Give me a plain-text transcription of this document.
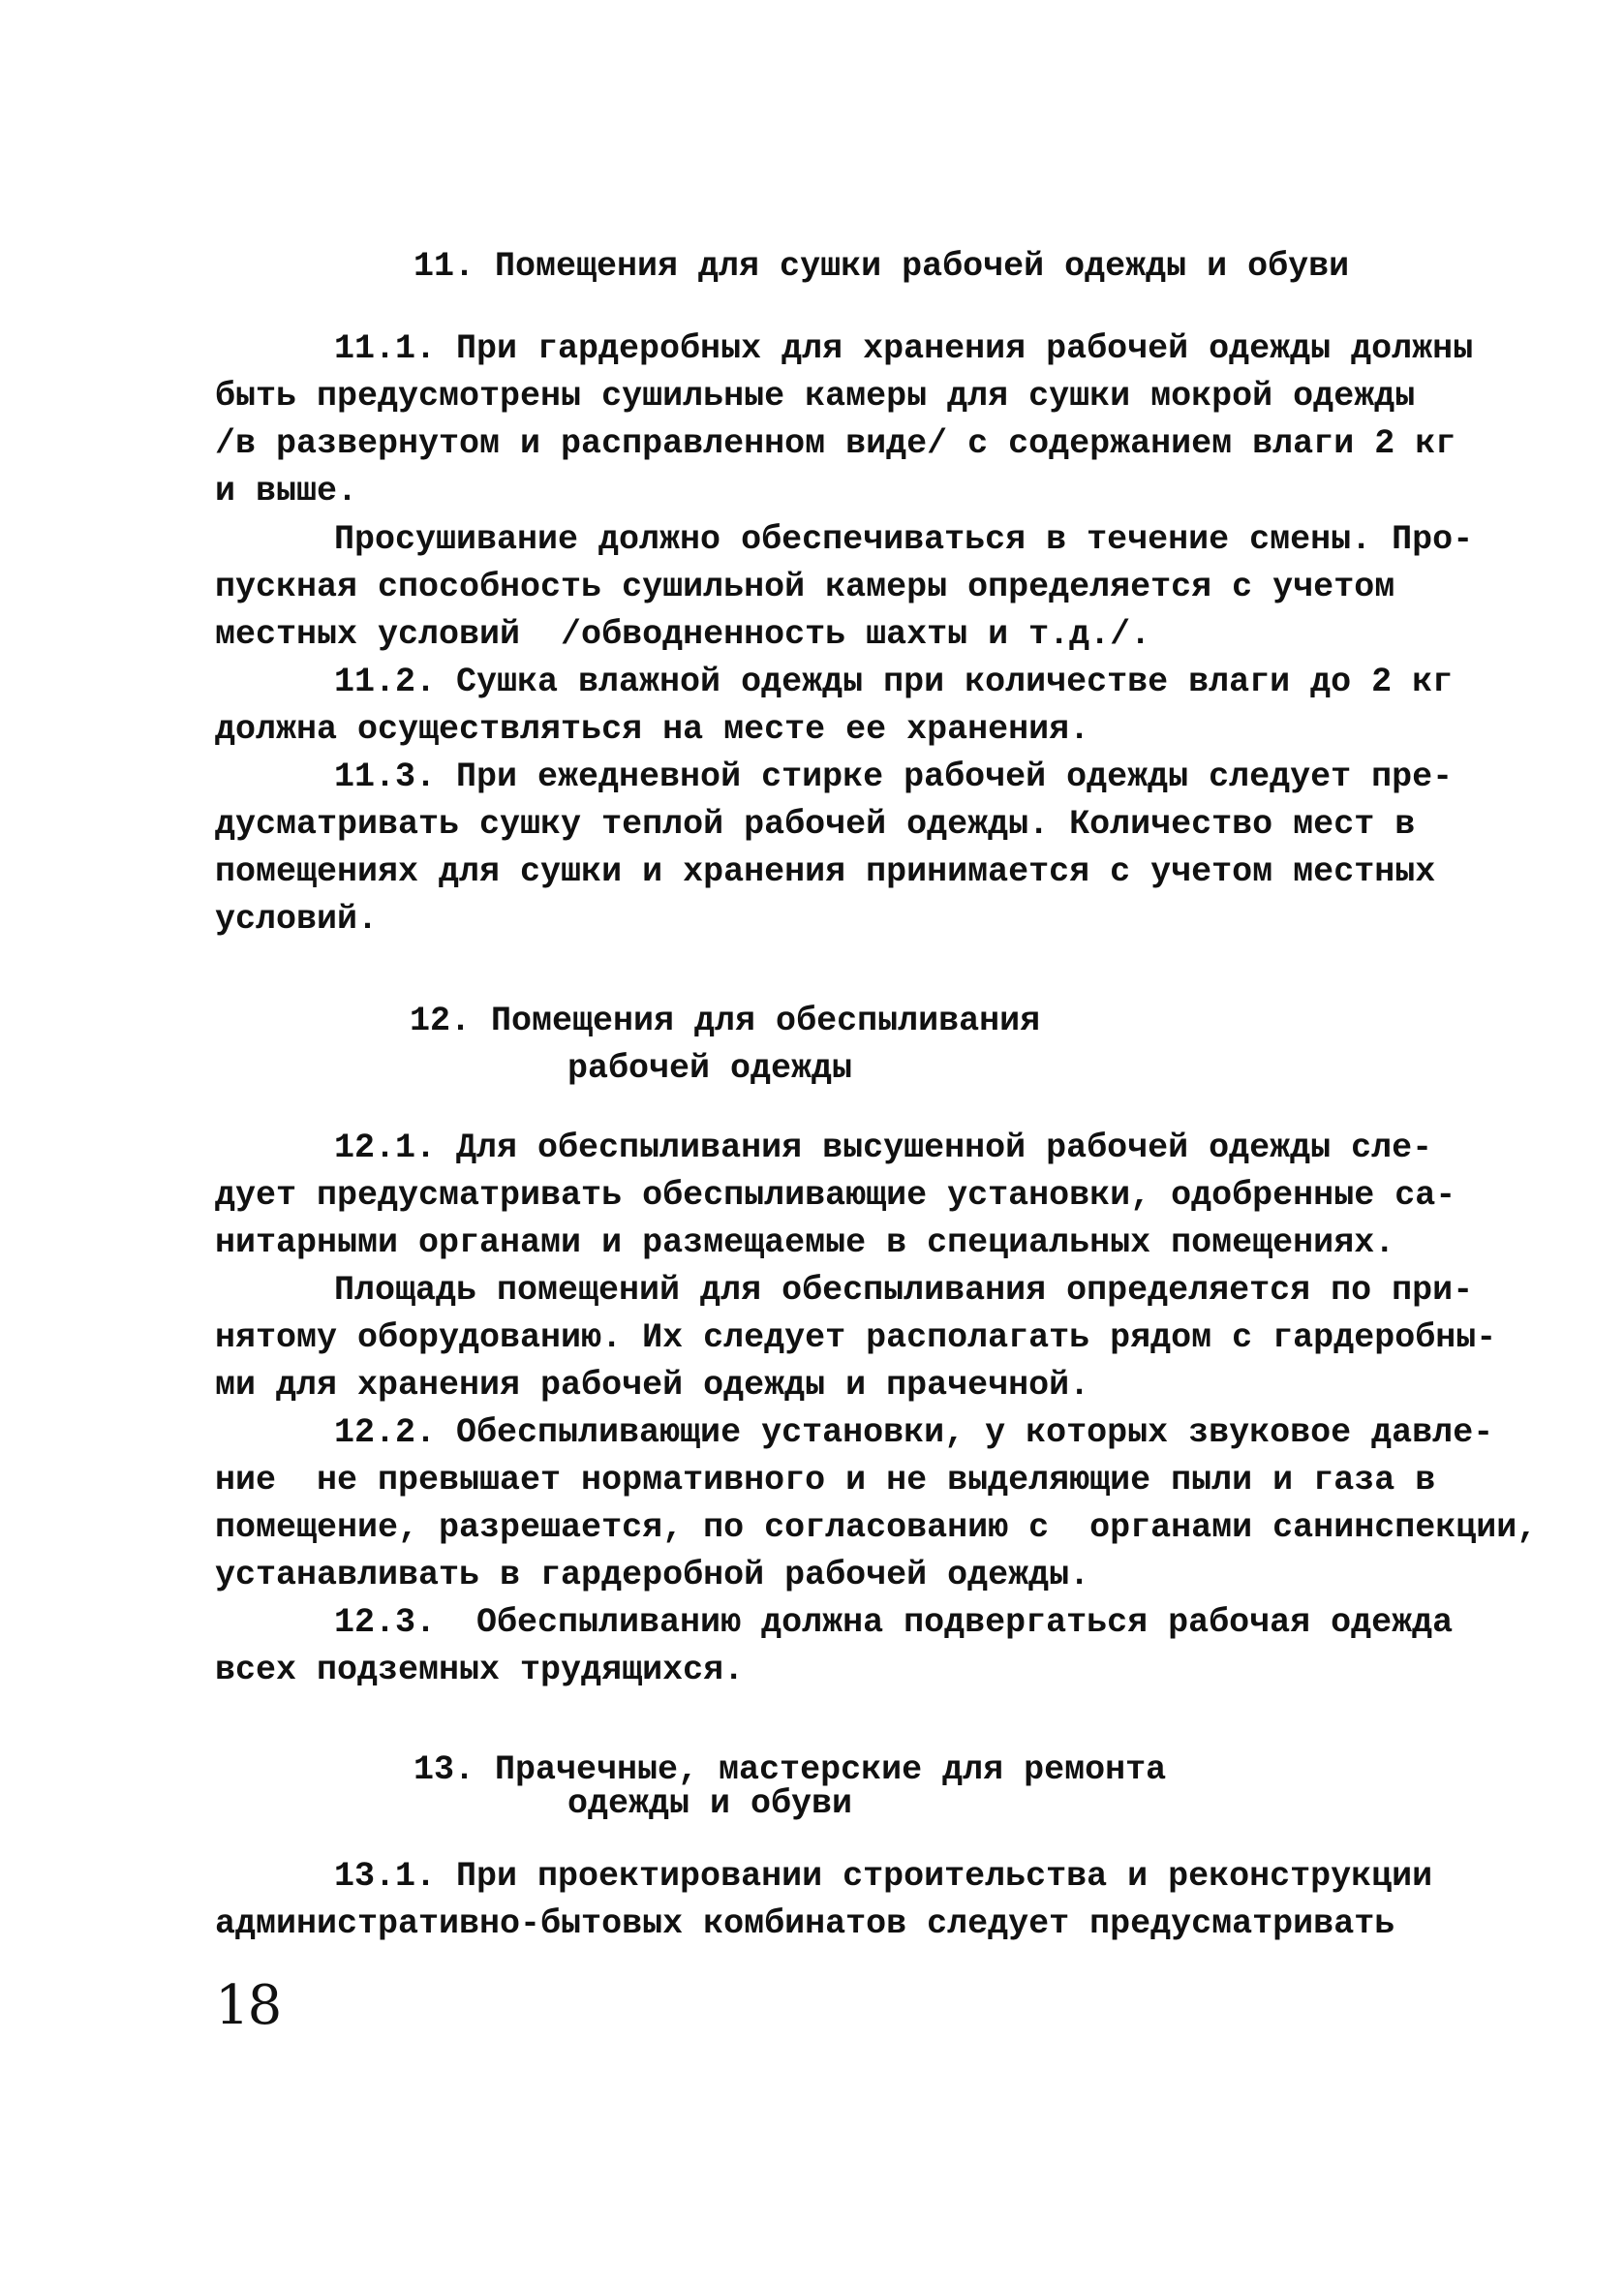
11. Помещения для сушки рабочей одежды и обуви
11.1. При гардеробных для хранения рабочей одежды должны
быть предусмотрены сушильные камеры для сушки мокрой одежды
/в развернутом и расправленном виде/ с содержанием влаги 2 кг
и выше.
Просушивание должно обеспечиваться в течение смены. Про-
пускная способность сушильной камеры определяется с учетом
местных условий  /обводненность шахты и т.д./.
11.2. Сушка влажной одежды при количестве влаги до 2 кг
должна осуществляться на месте ее хранения.
11.3. При ежедневной стирке рабочей одежды следует пре-
дусматривать сушку теплой рабочей одежды. Количество мест в
помещениях для сушки и хранения принимается с учетом местных
условий.
12. Помещения для обеспыливания
рабочей одежды
12.1. Для обеспыливания высушенной рабочей одежды сле-
дует предусматривать обеспыливающие установки, одобренные са-
нитарными органами и размещаемые в специальных помещениях.
Площадь помещений для обеспыливания определяется по при-
нятому оборудованию. Их следует располагать рядом с гардеробны-
ми для хранения рабочей одежды и прачечной.
12.2. Обеспыливающие установки, у которых звуковое давле-
ние  не превышает нормативного и не выделяющие пыли и газа в
помещение, разрешается, по согласованию с  органами санинспекции,
устанавливать в гардеробной рабочей одежды.
12.3.  Обеспыливанию должна подвергаться рабочая одежда
всех подземных трудящихся.
13. Прачечные, мастерские для ремонта
одежды и обуви
13.1. При проектировании строительства и реконструкции
административно-бытовых комбинатов следует предусматривать
18
